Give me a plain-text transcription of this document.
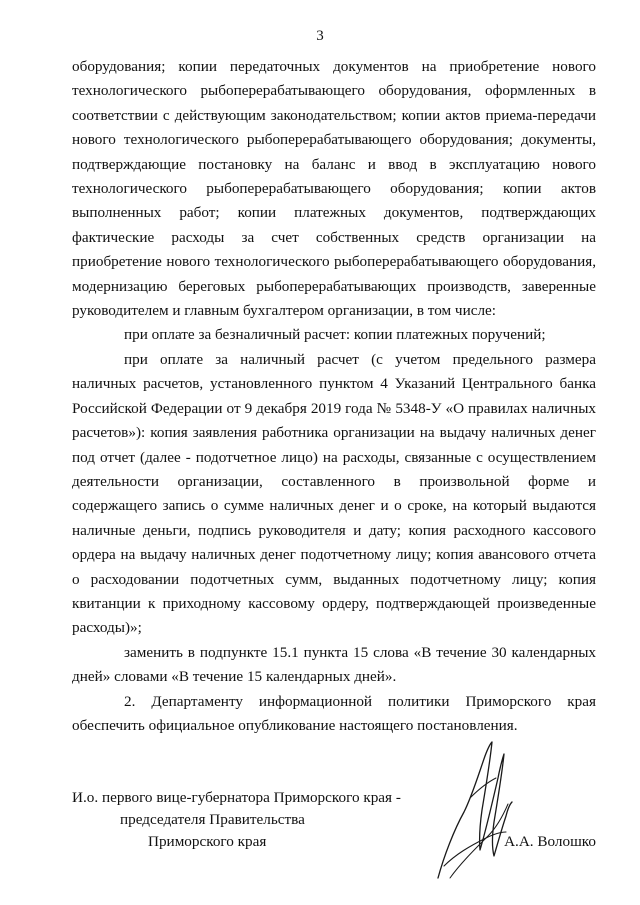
3

оборудования; копии передаточных документов на приобретение нового технологического рыбоперерабатывающего оборудования, оформленных в соответствии с действующим законодательством; копии актов приема-передачи нового технологического рыбоперерабатывающего оборудования; документы, подтверждающие постановку на баланс и ввод в эксплуатацию нового технологического рыбоперерабатывающего оборудования; копии актов выполненных работ; копии платежных документов, подтверждающих фактические расходы за счет собственных средств организации на приобретение нового технологического рыбоперерабатывающего оборудования, модернизацию береговых рыбоперерабатывающих производств, заверенные руководителем и главным бухгалтером организации, в том числе:

при оплате за безналичный расчет: копии платежных поручений;

при оплате за наличный расчет (с учетом предельного размера наличных расчетов, установленного пунктом 4 Указаний Центрального банка Российской Федерации от 9 декабря 2019 года № 5348-У «О правилах наличных расчетов»): копия заявления работника организации на выдачу наличных денег под отчет (далее - подотчетное лицо) на расходы, связанные с осуществлением деятельности организации, составленного в произвольной форме и содержащего запись о сумме наличных денег и о сроке, на который выдаются наличные деньги, подпись руководителя и дату; копия расходного кассового ордера на выдачу наличных денег подотчетному лицу; копия авансового отчета о расходовании подотчетных сумм, выданных подотчетному лицу; копия квитанции к приходному кассовому ордеру, подтверждающей произведенные расходы)»;

заменить в подпункте 15.1 пункта 15 слова «В течение 30 календарных дней» словами «В течение 15 календарных дней».

2. Департаменту информационной политики Приморского края обеспечить официальное опубликование настоящего постановления.

И.о. первого вице-губернатора Приморского края -
председателя Правительства
Приморского края	А.А. Волошко
